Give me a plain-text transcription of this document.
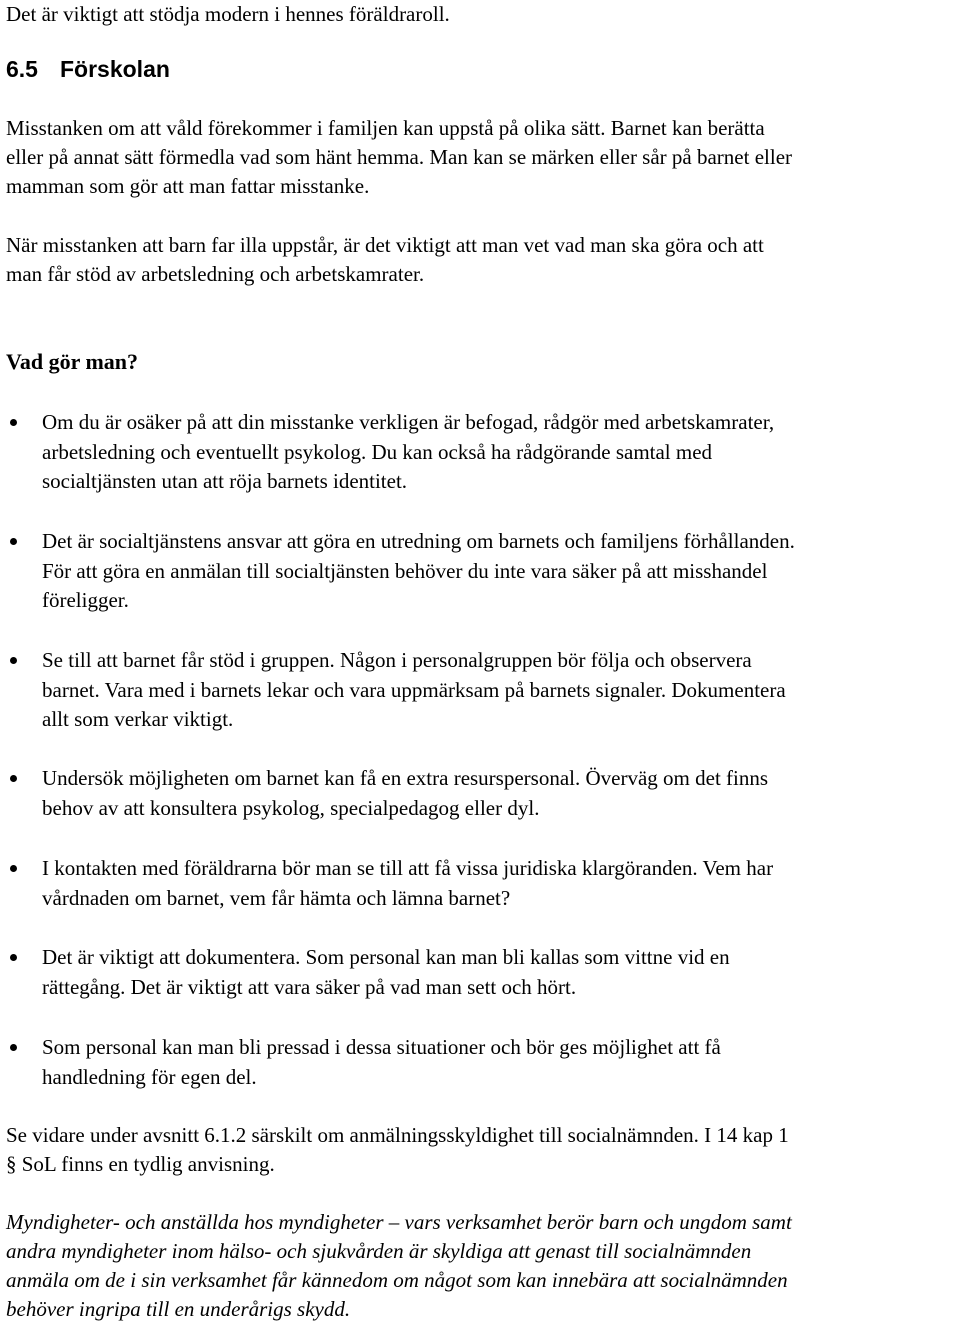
Det är viktigt att stödja modern i hennes föräldraroll.
6.5 Förskolan
Misstanken om att våld förekommer i familjen kan uppstå på olika sätt. Barnet kan berätta
eller på annat sätt förmedla vad som hänt hemma. Man kan se märken eller sår på barnet eller
mamman som gör att man fattar misstanke.
När misstanken att barn far illa uppstår, är det viktigt att man vet vad man ska göra och att
man får stöd av arbetsledning och arbetskamrater.
Vad gör man?
Om du är osäker på att din misstanke verkligen är befogad, rådgör med arbetskamrater,
arbetsledning och eventuellt psykolog. Du kan också ha rådgörande samtal med
socialtjänsten utan att röja barnets identitet.
Det är socialtjänstens ansvar att göra en utredning om barnets och familjens förhållanden.
För att göra en anmälan till socialtjänsten behöver du inte vara säker på att misshandel
föreligger.
Se till att barnet får stöd i gruppen. Någon i personalgruppen bör följa och observera
barnet. Vara med i barnets lekar och vara uppmärksam på barnets signaler. Dokumentera
allt som verkar viktigt.
Undersök möjligheten om barnet kan få en extra resurspersonal. Överväg om det finns
behov av att konsultera psykolog, specialpedagog eller dyl.
I kontakten med föräldrarna bör man se till att få vissa juridiska klargöranden. Vem har
vårdnaden om barnet, vem får hämta och lämna barnet?
Det är viktigt att dokumentera. Som personal kan man bli kallas som vittne vid en
rättegång. Det är viktigt att vara säker på vad man sett och hört.
Som personal kan man bli pressad i dessa situationer och bör ges möjlighet att få
handledning för egen del.
Se vidare under avsnitt 6.1.2 särskilt om anmälningsskyldighet till socialnämnden. I 14 kap 1
§ SoL finns en tydlig anvisning.
Myndigheter- och anställda hos myndigheter – vars verksamhet berör barn och ungdom samt
andra myndigheter inom hälso- och sjukvården är skyldiga att genast till socialnämnden
anmäla om de i sin verksamhet får kännedom om något som kan innebära att socialnämnden
behöver ingripa till en underårigs skydd.
